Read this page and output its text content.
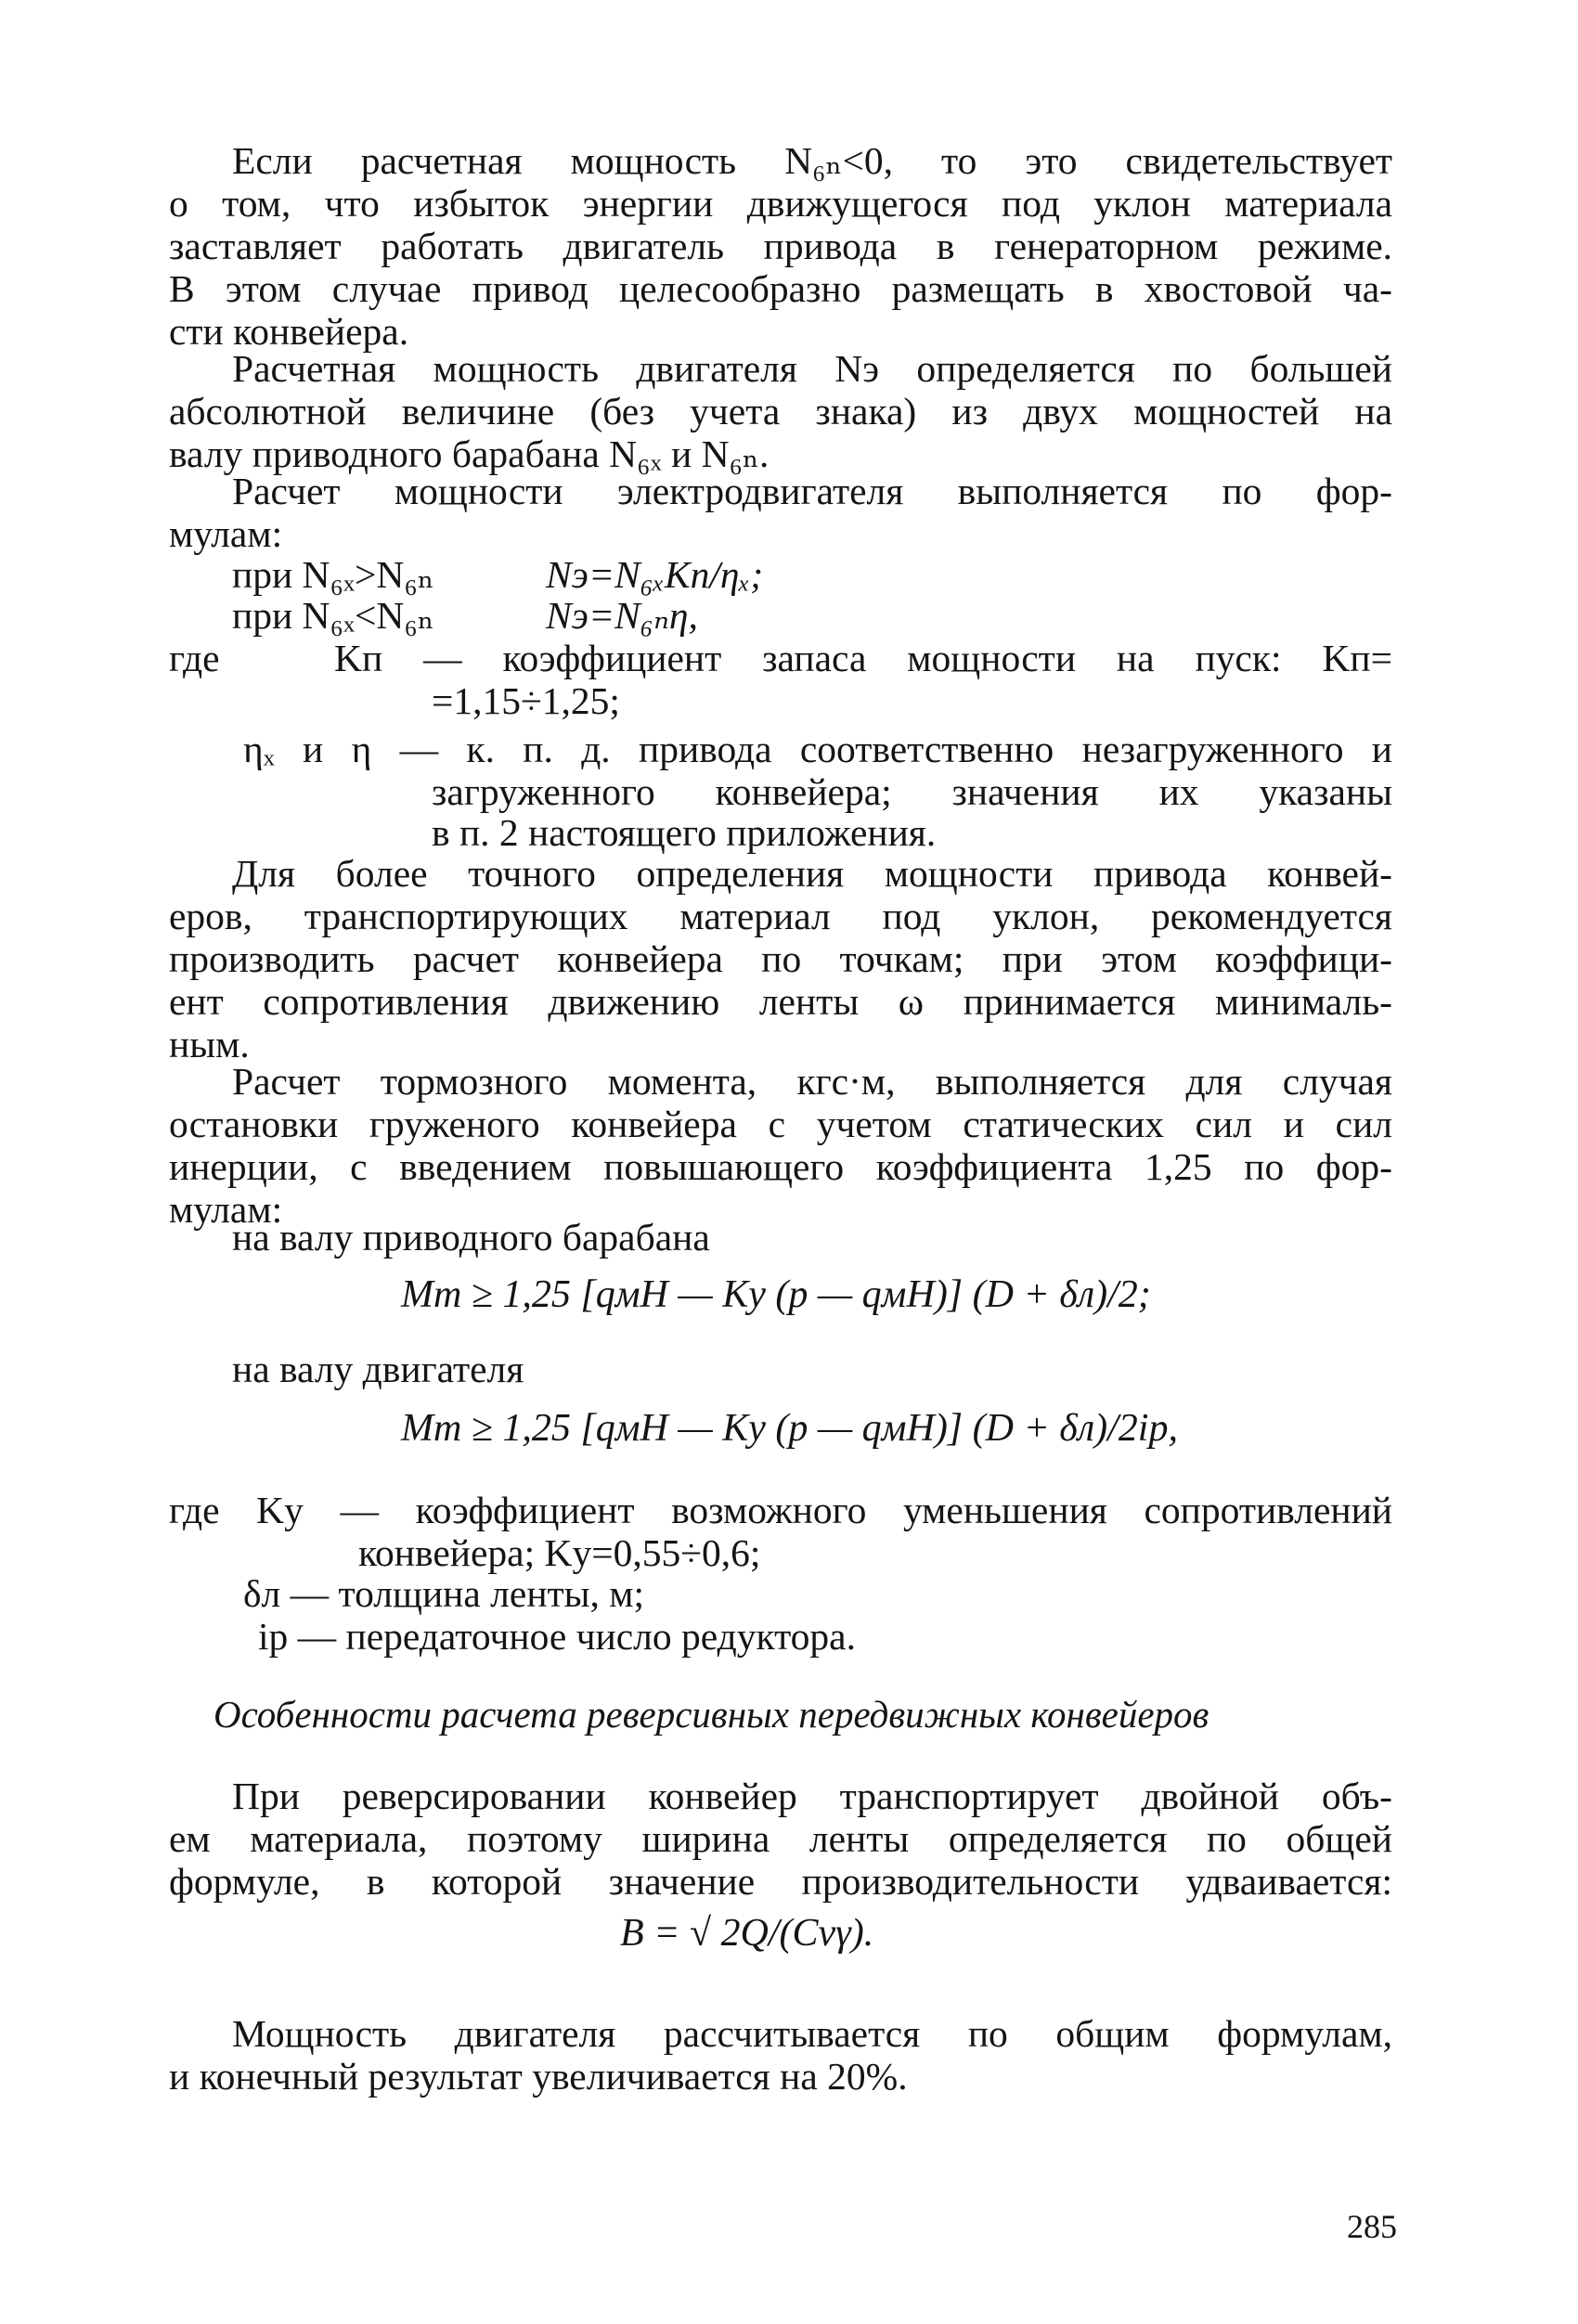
Если расчетная мощность N₆ₙ<0, то это свидетельствует
о том, что избыток энергии движущегося под уклон материала
заставляет работать двигатель привода в генераторном режиме.
В этом случае привод целесообразно размещать в хвостовой ча-
сти конвейера.
Расчетная мощность двигателя Nэ определяется по большей
абсолютной величине (без учета знака) из двух мощностей на
валу приводного барабана N₆ₓ и N₆ₙ.
Расчет мощности электродвигателя выполняется по фор-
мулам:
при N₆ₓ>N₆ₙ	Nэ=N₆ₓKп/ηₓ;
при N₆ₓ<N₆ₙ	Nэ=N₆ₙη,
где	Kп — коэффициент запаса мощности на пуск: Kп=
=1,15÷1,25;
ηₓ и η — к. п. д. привода соответственно незагруженного и
загруженного конвейера; значения их указаны
в п. 2 настоящего приложения.
Для более точного определения мощности привода конвей-
еров, транспортирующих материал под уклон, рекомендуется
производить расчет конвейера по точкам; при этом коэффици-
ент сопротивления движению ленты ω принимается минималь-
ным.
Расчет тормозного момента, кгс·м, выполняется для случая
остановки груженого конвейера с учетом статических сил и сил
инерции, с введением повышающего коэффициента 1,25 по фор-
мулам:
на валу приводного барабана
Mт ≥ 1,25 [qмH — Kу (p — qмH)] (D + δл)/2;
на валу двигателя
Mт ≥ 1,25 [qмH — Kу (p — qмH)] (D + δл)/2iр,
где Kу — коэффициент возможного уменьшения сопротивлений
конвейера; Kу=0,55÷0,6;
δл — толщина ленты, м;
iр — передаточное число редуктора.
Особенности расчета реверсивных передвижных конвейеров
При реверсировании конвейер транспортирует двойной объ-
ем материала, поэтому ширина ленты определяется по общей
формуле, в которой значение производительности удваивается:
B = √ 2Q/(Cvγ).
Мощность двигателя рассчитывается по общим формулам,
и конечный результат увеличивается на 20%.
285
